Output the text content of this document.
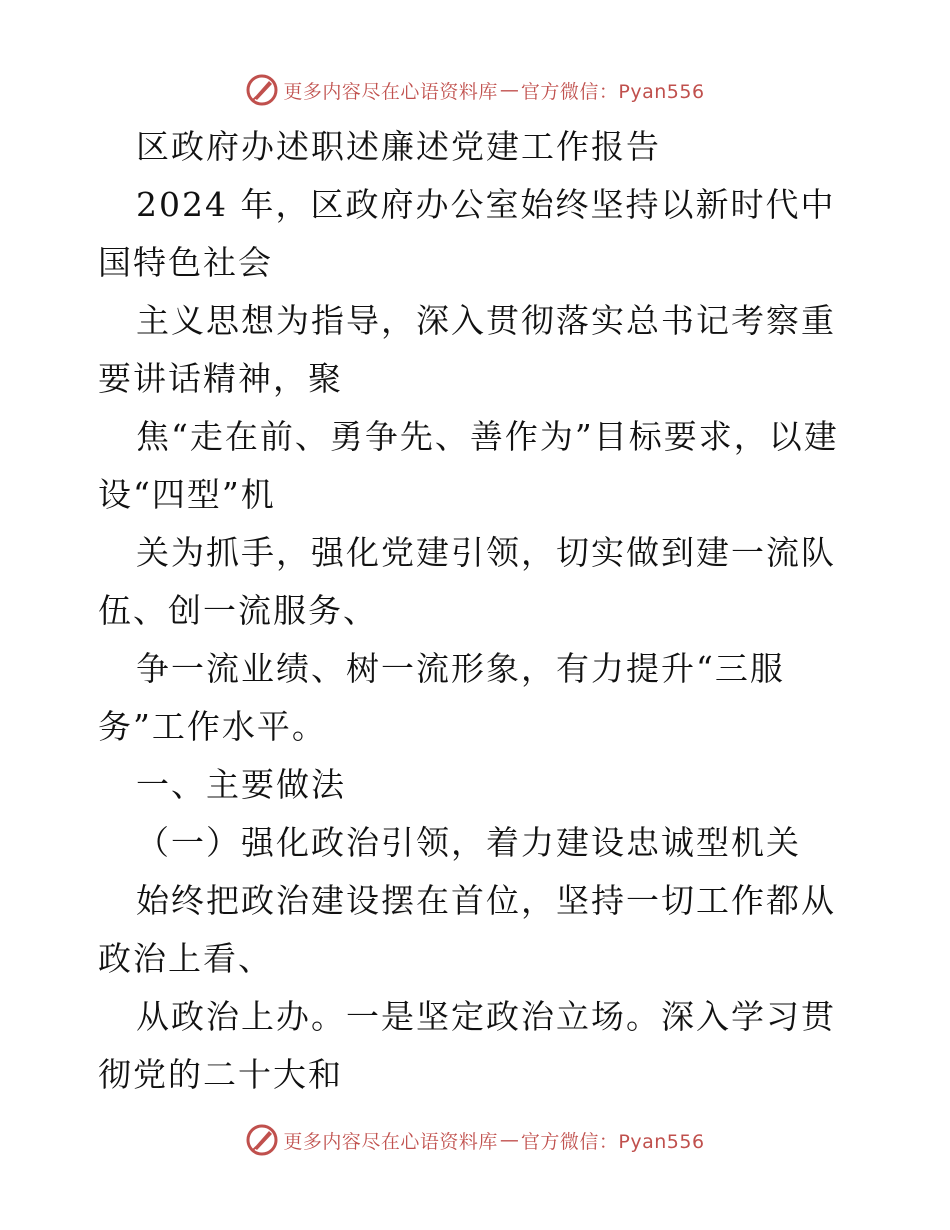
更多内容尽在心语资料库 — 官方微信：Pyan556

区政府办述职述廉述党建工作报告

2024 年，区政府办公室始终坚持以新时代中国特色社会

主义思想为指导，深入贯彻落实总书记考察重要讲话精神，聚

焦“走在前、勇争先、善作为”目标要求，以建设“四型”机

关为抓手，强化党建引领，切实做到建一流队伍、创一流服务、

争一流业绩、树一流形象，有力提升“三服务”工作水平。

一、主要做法

（一）强化政治引领，着力建设忠诚型机关

始终把政治建设摆在首位，坚持一切工作都从政治上看、

从政治上办。一是坚定政治立场。深入学习贯彻党的二十大和

更多内容尽在心语资料库 — 官方微信：Pyan556
